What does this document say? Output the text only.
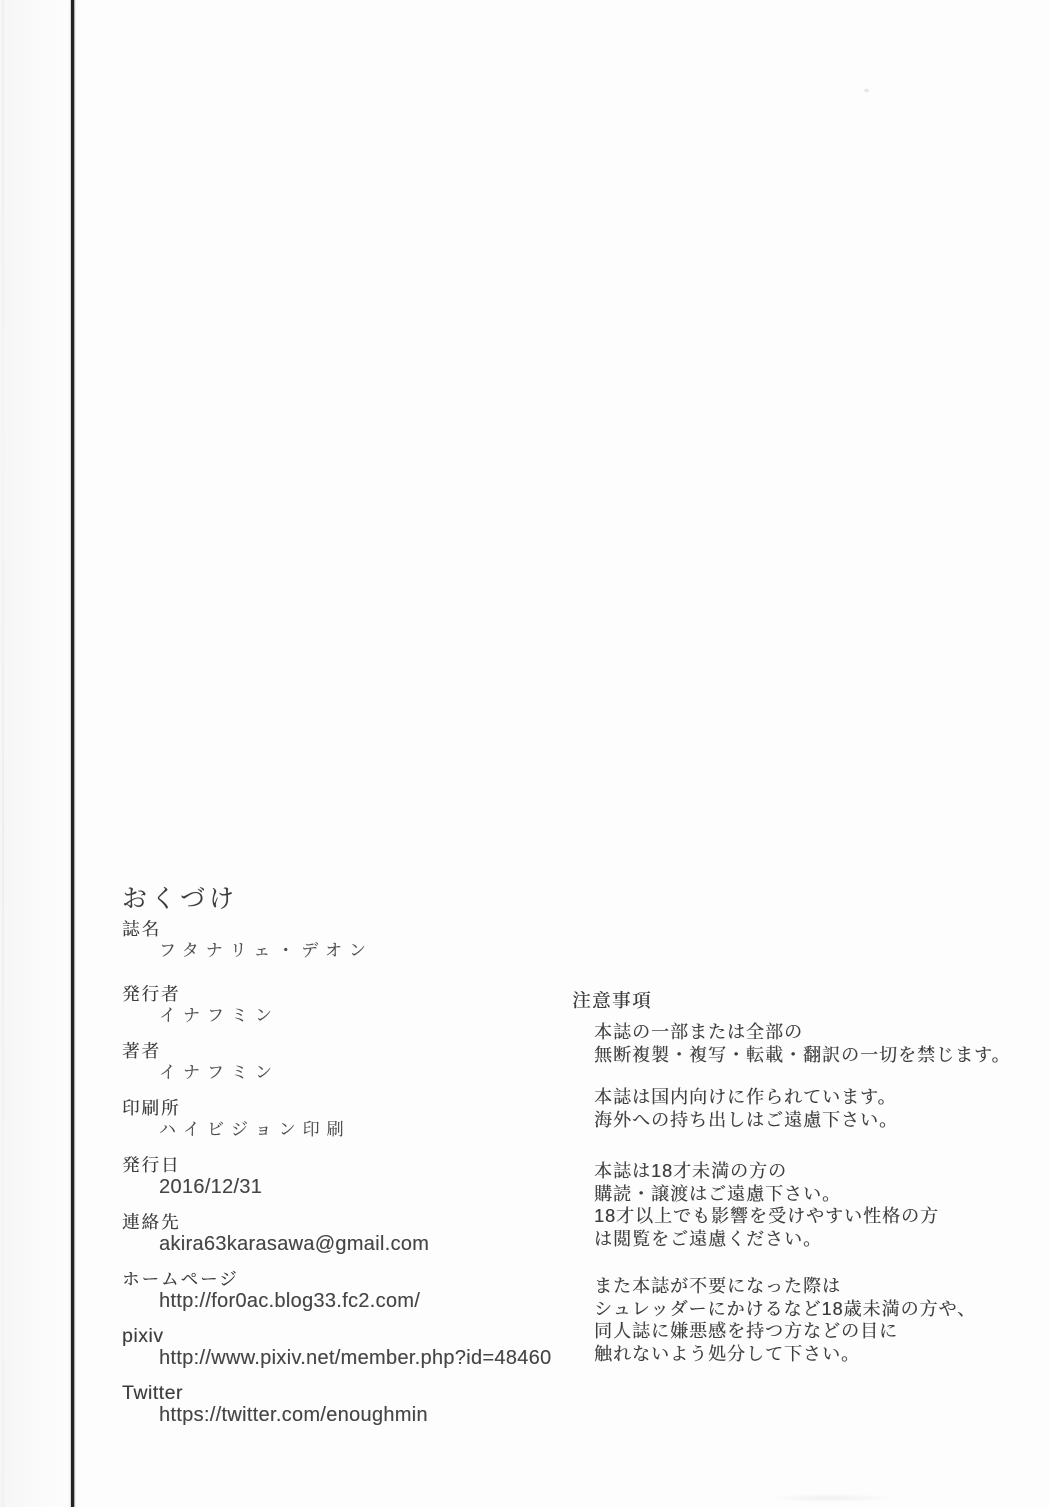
おくづけ
誌名
フタナリェ・デオン
発行者
イナフミン
著者
イナフミン
印刷所
ハイビジョン印刷
発行日
2016/12/31
連絡先
akira63karasawa@gmail.com
ホームページ
http://for0ac.blog33.fc2.com/
pixiv
http://www.pixiv.net/member.php?id=48460
Twitter
https://twitter.com/enoughmin
注意事項
本誌の一部または全部の
無断複製・複写・転載・翻訳の一切を禁じます。
本誌は国内向けに作られています。
海外への持ち出しはご遠慮下さい。
本誌は18才未満の方の
購読・譲渡はご遠慮下さい。
18才以上でも影響を受けやすい性格の方
は閲覧をご遠慮ください。
また本誌が不要になった際は
シュレッダーにかけるなど18歳未満の方や、
同人誌に嫌悪感を持つ方などの目に
触れないよう処分して下さい。
